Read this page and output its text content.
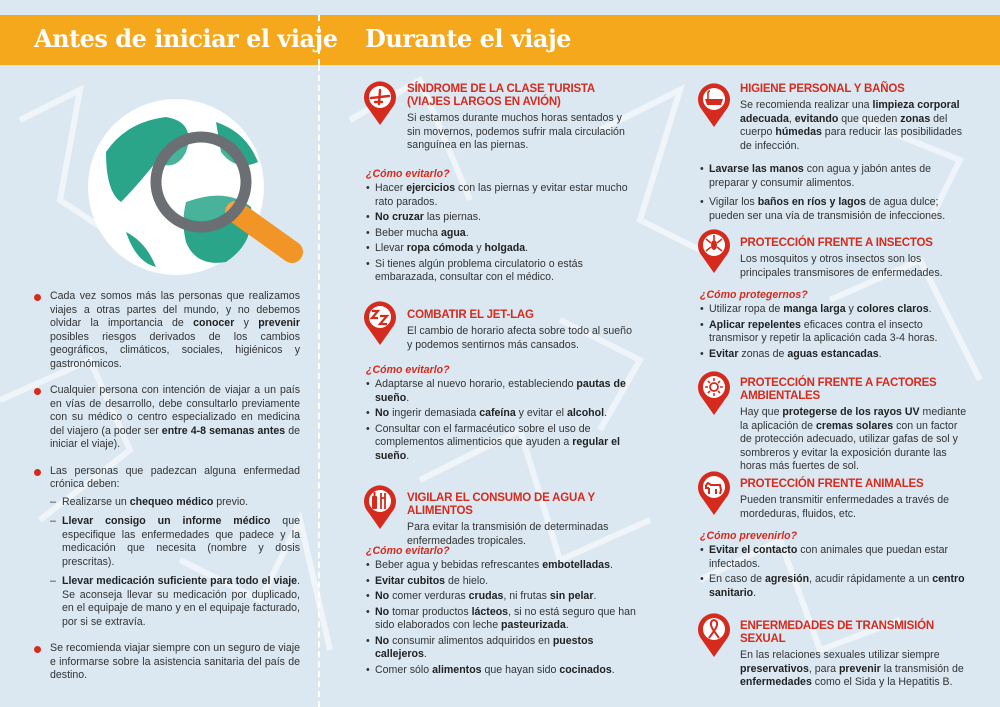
Antes de iniciar el viaje Durante el viaje
Cada vez somos más las personas que realizamos viajes a otras partes del mundo, y no debemos olvidar la importancia de conocer y prevenir posibles riesgos derivados de los cambios geográficos, climáticos, sociales, higiénicos y gastronómicos.
Cualquier persona con intención de viajar a un país en vías de desarrollo, debe consultarlo previamente con su médico o centro especializado en medicina del viajero (a poder ser entre 4-8 semanas antes de iniciar el viaje).
Las personas que padezcan alguna enfermedad crónica deben:
– Realizarse un chequeo médico previo.
– Llevar consigo un informe médico que especifique las enfermedades que padece y la medicación que necesita (nombre y dosis prescritas).
– Llevar medicación suficiente para todo el viaje. Se aconseja llevar su medicación por duplicado, en el equipaje de mano y en el equipaje facturado, por si se extravía.
Se recomienda viajar siempre con un seguro de viaje e informarse sobre la asistencia sanitaria del país de destino.
SÍNDROME DE LA CLASE TURISTA (VIAJES LARGOS EN AVIÓN)

Si estamos durante muchos horas sentados y sin movernos, podemos sufrir mala circulación sanguínea en las piernas.

¿Cómo evitarlo?

• Hacer ejercicios con las piernas y evitar estar mucho rato parados.
• No cruzar las piernas.
• Beber mucha agua.
• Llevar ropa cómoda y holgada.
• Si tienes algún problema circulatorio o estás embarazada, consultar con el médico.
COMBATIR EL JET-LAG

El cambio de horario afecta sobre todo al sueño y podemos sentirnos más cansados.

¿Cómo evitarlo?

• Adaptarse al nuevo horario, estableciendo pautas de sueño.
• No ingerir demasiada cafeína y evitar el alcohol.
• Consultar con el farmacéutico sobre el uso de complementos alimenticios que ayuden a regular el sueño.
VIGILAR EL CONSUMO DE AGUA Y ALIMENTOS

Para evitar la transmisión de determinadas enfermedades tropicales.

¿Cómo evitarlo?

• Beber agua y bebidas refrescantes embotelladas.
• Evitar cubitos de hielo.
• No comer verduras crudas, ni frutas sin pelar.
• No tomar productos lácteos, si no está seguro que han sido elaborados con leche pasteurizada.
• No consumir alimentos adquiridos en puestos callejeros.
• Comer sólo alimentos que hayan sido cocinados.
HIGIENE PERSONAL Y BAÑOS

Se recomienda realizar una limpieza corporal adecuada, evitando que queden zonas del cuerpo húmedas para reducir las posibilidades de infección.

• Lavarse las manos con agua y jabón antes de preparar y consumir alimentos.
• Vigilar los baños en ríos y lagos de agua dulce; pueden ser una vía de transmisión de infecciones.
PROTECCIÓN FRENTE A INSECTOS

Los mosquitos y otros insectos son los principales transmisores de enfermedades.

¿Cómo protegernos?

• Utilizar ropa de manga larga y colores claros.
• Aplicar repelentes eficaces contra el insecto transmisor y repetir la aplicación cada 3-4 horas.
• Evitar zonas de aguas estancadas.
PROTECCIÓN FRENTE A FACTORES AMBIENTALES

Hay que protegerse de los rayos UV mediante la aplicación de cremas solares con un factor de protección adecuado, utilizar gafas de sol y sombreros y evitar la exposición durante las horas más fuertes de sol.

PROTECCIÓN FRENTE ANIMALES

Pueden transmitir enfermedades a través de mordeduras, fluidos, etc.

¿Cómo prevenirlo?

• Evitar el contacto con animales que puedan estar infectados.
• En caso de agresión, acudir rápidamente a un centro sanitario.
ENFERMEDADES DE TRANSMISIÓN SEXUAL

En las relaciones sexuales utilizar siempre preservativos, para prevenir la transmisión de enfermedades como el Sida y la Hepatitis B.
